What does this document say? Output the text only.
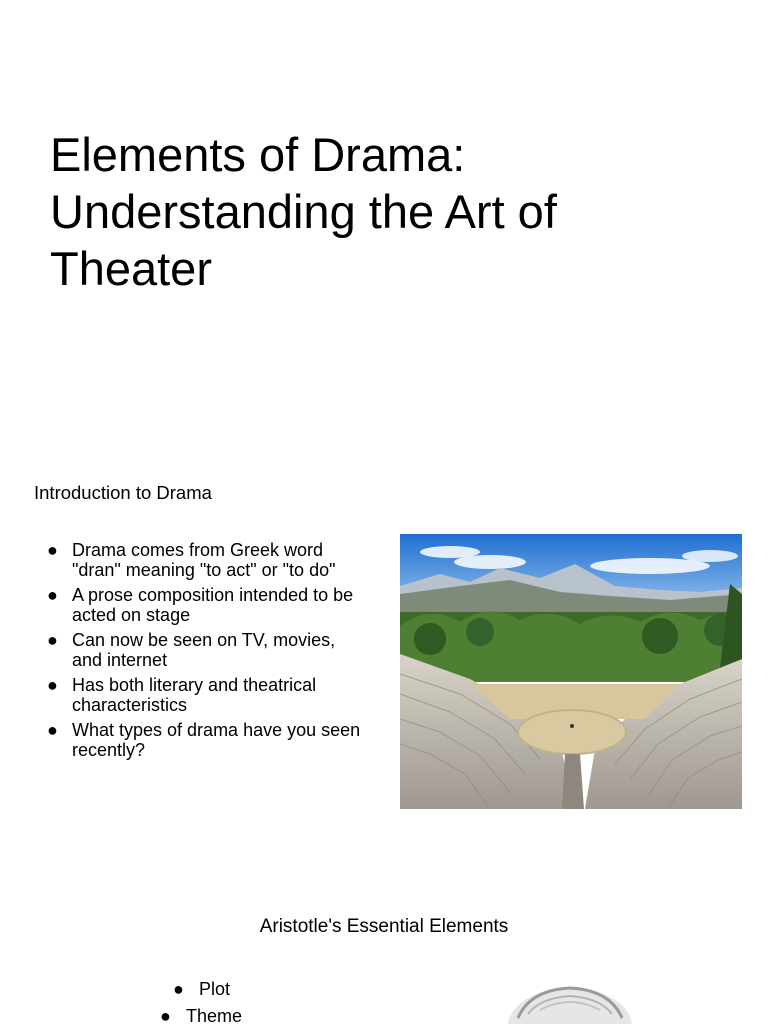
Elements of Drama: Understanding the Art of Theater
Introduction to Drama
● Drama comes from Greek word "dran" meaning "to act" or "to do"
● A prose composition intended to be acted on stage
● Can now be seen on TV, movies, and internet
● Has both literary and theatrical characteristics
● What types of drama have you seen recently?
Aristotle's Essential Elements
● Plot
● Theme
